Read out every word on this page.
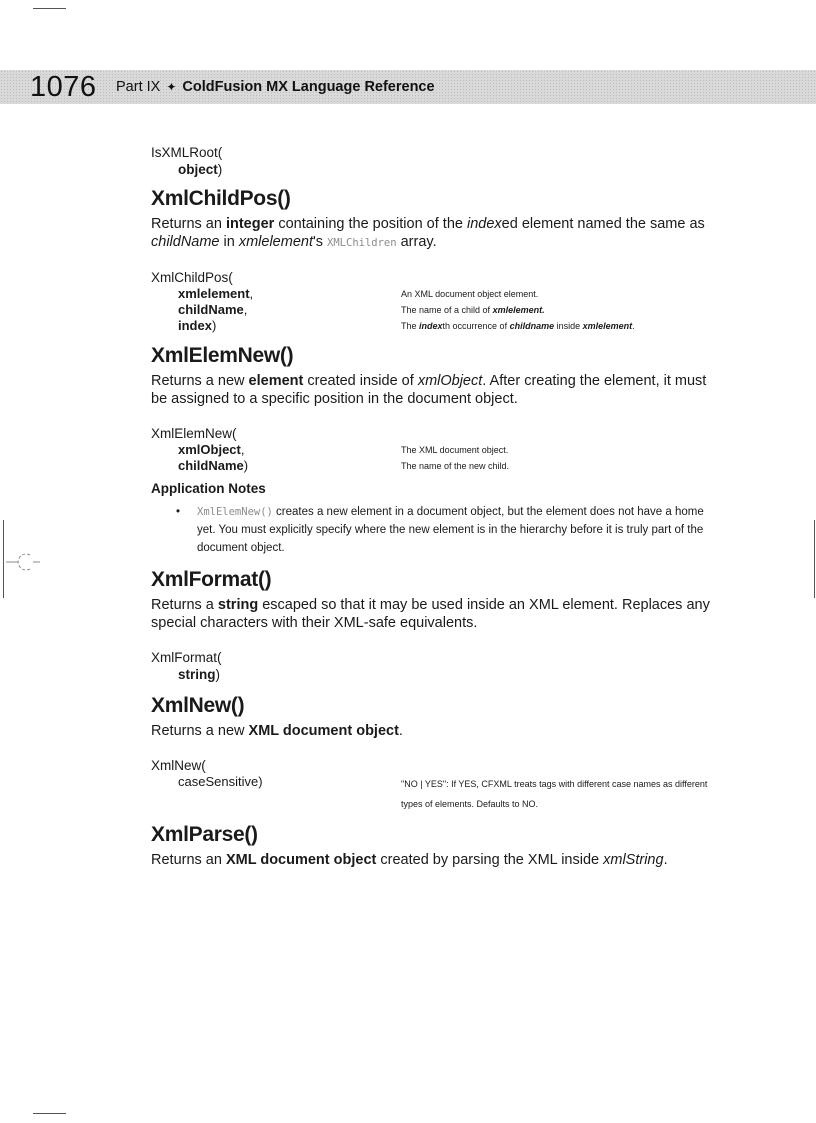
1076 Part IX ✦ ColdFusion MX Language Reference
IsXMLRoot(
object)
XmlChildPos()

Returns an integer containing the position of the indexed element named the same as childName in xmlelement's XMLChildren array.

XmlChildPos(
xmlelement,	An XML document object element.
childName,	The name of a child of xmlelement.
index)	The indexth occurrence of childname inside xmlelement.
XmlElemNew()

Returns a new element created inside of xmlObject. After creating the element, it must be assigned to a specific position in the document object.

XmlElemNew(
xmlObject,	The XML document object.
childName)	The name of the new child.
Application Notes
• XmlElemNew() creates a new element in a document object, but the element does not have a home yet. You must explicitly specify where the new element is in the hierarchy before it is truly part of the document object.
XmlFormat()

Returns a string escaped so that it may be used inside an XML element. Replaces any special characters with their XML-safe equivalents.

XmlFormat(
string)
XmlNew()

Returns a new XML document object.

XmlNew(
caseSensitive)	"NO | YES": If YES, CFXML treats tags with different case names as different types of elements. Defaults to NO.
XmlParse()

Returns an XML document object created by parsing the XML inside xmlString.
